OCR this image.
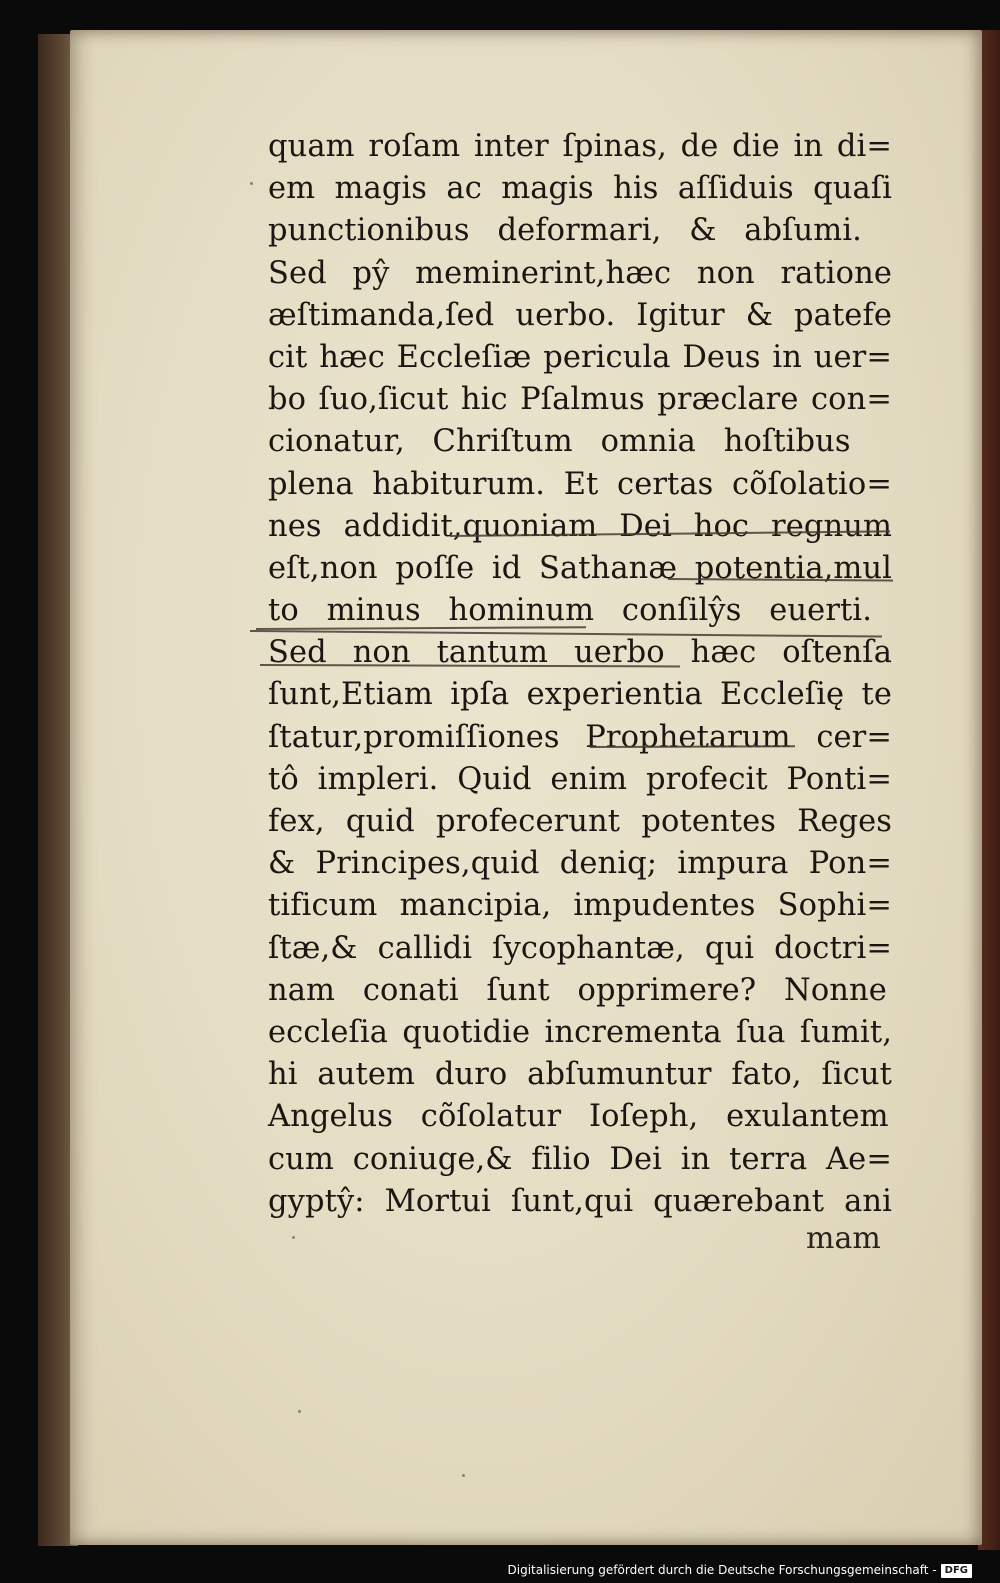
quam roſam inter ſpinas, de die in di=
em magis ac magis his aſſiduis quaſi
punctionibus deformari, & abſumi.
Sed pŷ meminerint,hæc non ratione
æſtimanda,ſed uerbo. Igitur & patefe
cit hæc Eccleſiæ pericula Deus in uer=
bo ſuo,ſicut hic Pſalmus præclare con=
cionatur, Chriſtum omnia hoſtibus
plena habiturum. Et certas cõſolatio=
nes addidit,quoniam Dei hoc regnum
eſt,non poſſe id Sathanæ potentia,mul
to minus hominum conſilŷs euerti.
Sed non tantum uerbo hæc oſtenſa
ſunt,Etiam ipſa experientia Eccleſię te
ſtatur,promiſſiones Prophetarum cer=
tô impleri. Quid enim profecit Ponti=
fex, quid profecerunt potentes Reges
& Principes,quid deniq; impura Pon=
tificum mancipia, impudentes Sophi=
ſtæ,& callidi ſycophantæ, qui doctri=
nam conati ſunt opprimere? Nonne
eccleſia quotidie incrementa ſua ſumit,
hi autem duro abſumuntur fato, ſicut
Angelus cõſolatur Ioſeph, exulantem
cum coniuge,& filio Dei in terra Ae=
gyptŷ: Mortui ſunt,qui quærebant ani
mam
Digitalisierung gefördert durch die Deutsche Forschungsgemeinschaft - DFG
